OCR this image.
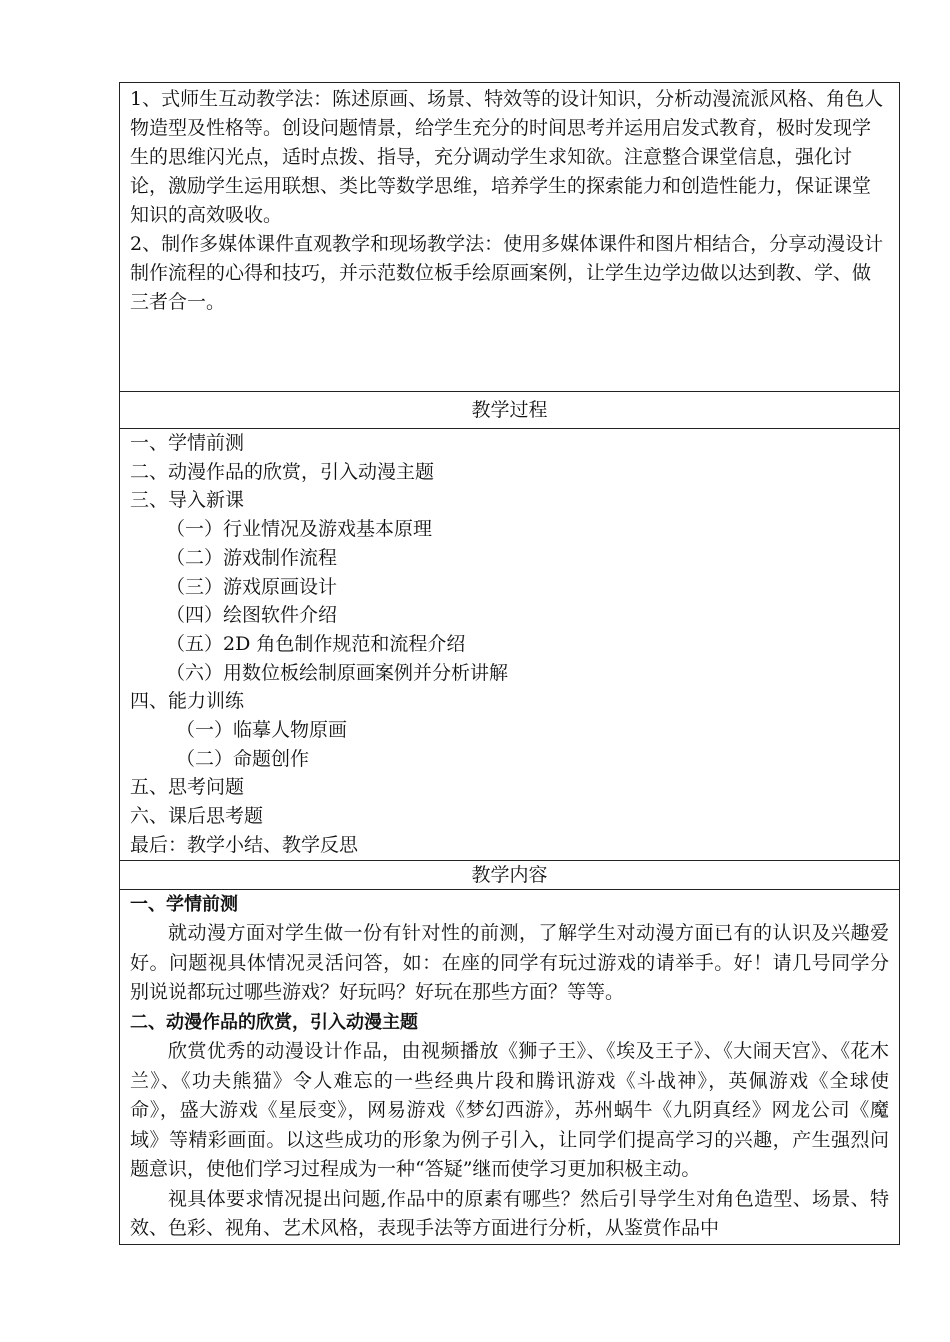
1、式师生互动教学法：陈述原画、场景、特效等的设计知识，分析动漫流派风格、角色人物造型及性格等。创设问题情景，给学生充分的时间思考并运用启发式教育，极时发现学生的思维闪光点，适时点拨、指导，充分调动学生求知欲。注意整合课堂信息，强化讨论，激励学生运用联想、类比等数学思维，培养学生的探索能力和创造性能力，保证课堂知识的高效吸收。

2、制作多媒体课件直观教学和现场教学法：使用多媒体课件和图片相结合，分享动漫设计制作流程的心得和技巧，并示范数位板手绘原画案例，让学生边学边做以达到教、学、做三者合一。

教学过程

一、学情前测
二、动漫作品的欣赏，引入动漫主题
三、导入新课
（一）行业情况及游戏基本原理
（二）游戏制作流程
（三）游戏原画设计
（四）绘图软件介绍
（五）2D 角色制作规范和流程介绍
（六）用数位板绘制原画案例并分析讲解
四、能力训练
（一）临摹人物原画
（二）命题创作
五、思考问题
六、课后思考题
最后：教学小结、教学反思

教学内容

一、学情前测

就动漫方面对学生做一份有针对性的前测，了解学生对动漫方面已有的认识及兴趣爱好。问题视具体情况灵活问答，如：在座的同学有玩过游戏的请举手。好！请几号同学分别说说都玩过哪些游戏？好玩吗？好玩在那些方面？等等。

二、动漫作品的欣赏，引入动漫主题

欣赏优秀的动漫设计作品，由视频播放《狮子王》、《埃及王子》、《大闹天宫》、《花木兰》、《功夫熊猫》令人难忘的一些经典片段和腾讯游戏《斗战神》，英佩游戏《全球使命》，盛大游戏《星辰变》，网易游戏《梦幻西游》，苏州蜗牛《九阴真经》网龙公司《魔域》等精彩画面。以这些成功的形象为例子引入，让同学们提高学习的兴趣，产生强烈问题意识，使他们学习过程成为一种“答疑”继而使学习更加积极主动。

视具体要求情况提出问题,作品中的原素有哪些？然后引导学生对角色造型、场景、特效、色彩、视角、艺术风格，表现手法等方面进行分析，从鉴赏作品中
